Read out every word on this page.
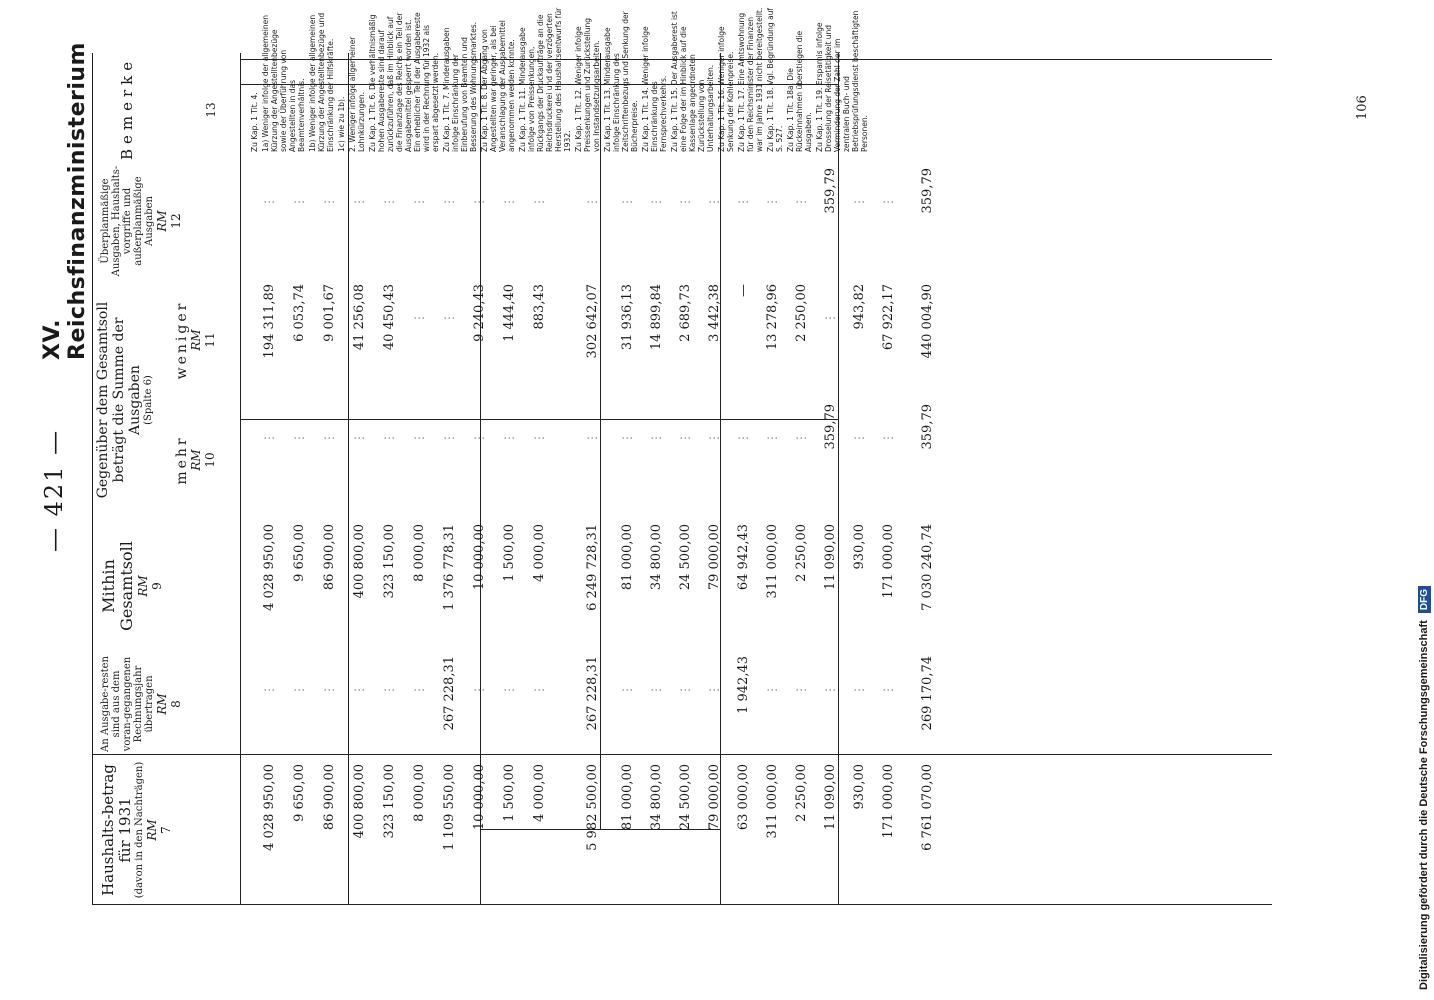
— 421 —
XV. Reichsfinanzministerium
Haushalts-betrag für 1931 (davon in den Nachträgen) RM 7
An Ausgabe-resten sind aus dem voran-gegangenen Rechnungsjahr übertragen RM 8
Mithin Gesamtsoll RM 9
Gegenüber dem Gesamtsoll beträgt die Summe der Ausgaben (Spalte 6)
mehr RM 10
weniger RM 11
Überplanmäßige Ausgaben, Haushalts-vorgriffe und außerplanmäßige Ausgaben RM 12
Bemerke	13
4 028 950,00
⋮
4 028 950,00
⋮
194 311,89
⋮
9 650,00
⋮
9 650,00
⋮
6 053,74
⋮
86 900,00
⋮
86 900,00
⋮
9 001,67
⋮
400 800,00
⋮
400 800,00
⋮
41 256,08
⋮
323 150,00
⋮
323 150,00
⋮
40 450,43
⋮
8 000,00
⋮
8 000,00
⋮
⋮
⋮
1 109 550,00
267 228,31
1 376 778,31
⋮
⋮
⋮
10 000,00
⋮
10 000,00
⋮
9 240,43
⋮
1 500,00
⋮
1 500,00
⋮
1 444,40
⋮
4 000,00
⋮
4 000,00
⋮
883,43
⋮
5 982 500,00
267 228,31
6 249 728,31
⋮
302 642,07
⋮
81 000,00
⋮
81 000,00
⋮
31 936,13
⋮
34 800,00
⋮
34 800,00
⋮
14 899,84
⋮
24 500,00
⋮
24 500,00
⋮
2 689,73
⋮
79 000,00
⋮
79 000,00
⋮
3 442,38
⋮
63 000,00
1 942,43
64 942,43
⋮
—
⋮
311 000,00
⋮
311 000,00
⋮
13 278,96
⋮
2 250,00
⋮
2 250,00
⋮
2 250,00
⋮
11 090,00
⋮
11 090,00
359,79
⋮
359,79
930,00
⋮
930,00
⋮
943,82
⋮
171 000,00
⋮
171 000,00
⋮
67 922,17
⋮
6 761 070,00
269 170,74
7 030 240,74
359,79
440 004,90
359,79
Zu Kap. 1 Tit. 4. 1a) Weniger infolge der allgemeinen Kürzung der Angestelltenbezüge sowie der Überführung von Angestellten in das Beamtenverhältnis. 1b) Weniger infolge der allgemeinen Kürzung der Angestelltenbezüge und Einschränkung der Hilfskräfte. 1c) wie zu 1b). 2. Weniger infolge allgemeiner Lohnkürzungen. Zu Kap. 1 Tit. 6. Die verhältnismäßig hohen Ausgabereste sind darauf zurückzuführen, daß im Hinblick auf die Finanzlage des Reichs ein Teil der Ausgabemittel gesperrt worden ist. Ein erheblicher Teil der Ausgabereste wird in der Rechnung für 1932 als erspart abgesetzt werden. Zu Kap. 1 Tit. 7. Minderausgaben infolge Einschränkung der Einberufung von Beamten und Besserung des Wohnungsmarktes. Zu Kap. 1 Tit. 8. Der Abgang von Angestellten war geringer, als bei Veranschlagung der Ausgabemittel angenommen werden konnte. Zu Kap. 1 Tit. 11. Minderausgabe infolge von Preissenkungen, Rückgangs der Druckaufträge an die Reichsdruckerei und der verzögerten Herstellung des Haushaltsentwurfs für 1932. Zu Kap. 1 Tit. 12. Weniger infolge Preissenkungen und Zurückstellung von Instandsetzungsarbeiten. Zu Kap. 1 Tit. 13. Minderausgabe infolge Einschränkung des Zeitschriftenbezugs und Senkung der Bücherpreise. Zu Kap. 1 Tit. 14. Weniger infolge Einschränkung des Fernsprechverkehrs. Zu Kap. 1 Tit. 15. Der Ausgaberest ist eine Folge der im Hinblick auf die Kassenlage angeordneten Zurückstellung von Unterhaltungsarbeiten. Zu Kap. 1 Tit. 16. Weniger infolge Senkung der Kohlenpreise. Zu Kap. 1 Tit. 17. Eine Amtswohnung für den Reichsminister der Finanzen war im Jahre 1931 nicht bereitgestellt. Zu Kap. 1 Tit. 18. Vgl. Begründung auf S. 527. Zu Kap. 1 Tit. 18a. Die Rückeinnahmen überstiegen die Ausgaben. Zu Kap. 1 Tit. 19. Ersparnis infolge Drosselung der Reisetätigkeit und Verminderung der Zahl der im zentralen Buch- und Betriebsprüfungsdienst beschäftigten Personen.
106
Digitalisierung gefördert durch die Deutsche Forschungsgemeinschaft DFG
